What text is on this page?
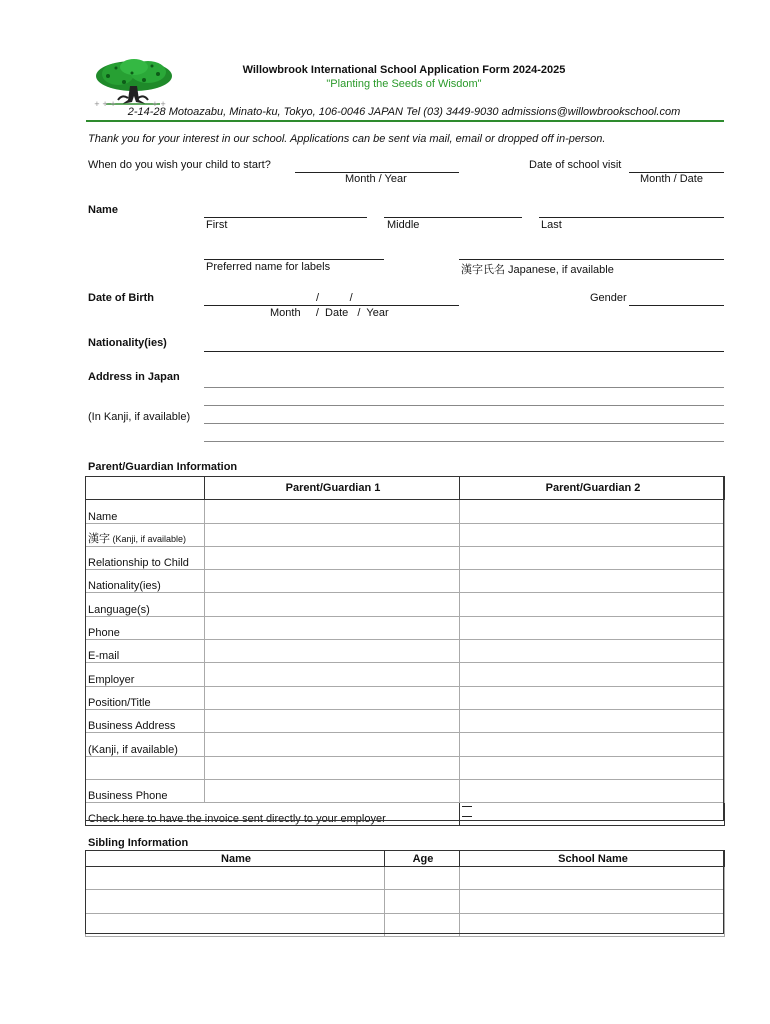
+ + +	+ +
Willowbrook International School Application Form 2024-2025
"Planting the Seeds of Wisdom"
2-14-28 Motoazabu, Minato-ku, Tokyo, 106-0046 JAPAN Tel (03) 3449-9030 admissions@willowbrookschool.com
Thank you for your interest in our school. Applications can be sent via mail, email or dropped off in-person.
When do you wish your child to start?
Month / Year
Date of school visit
Month / Date
Name
First	Middle	Last
Preferred name for labels	漢字氏名 Japanese, if available
Date of Birth	/          /
Month     /  Date   /  Year
Gender
Nationality(ies)
Address in Japan
(In Kanji, if available)
Parent/Guardian Information
	Parent/Guardian 1	Parent/Guardian 2
Name		
漢字 (Kanji, if available)		
Relationship to Child		
Nationality(ies)		
Language(s)		
Phone		
E-mail		
Employer		
Position/Title		
Business Address		
(Kanji, if available)		

Business Phone		
Check here to have the invoice sent directly to your employer		
Sibling Information
Name	Age	School Name
